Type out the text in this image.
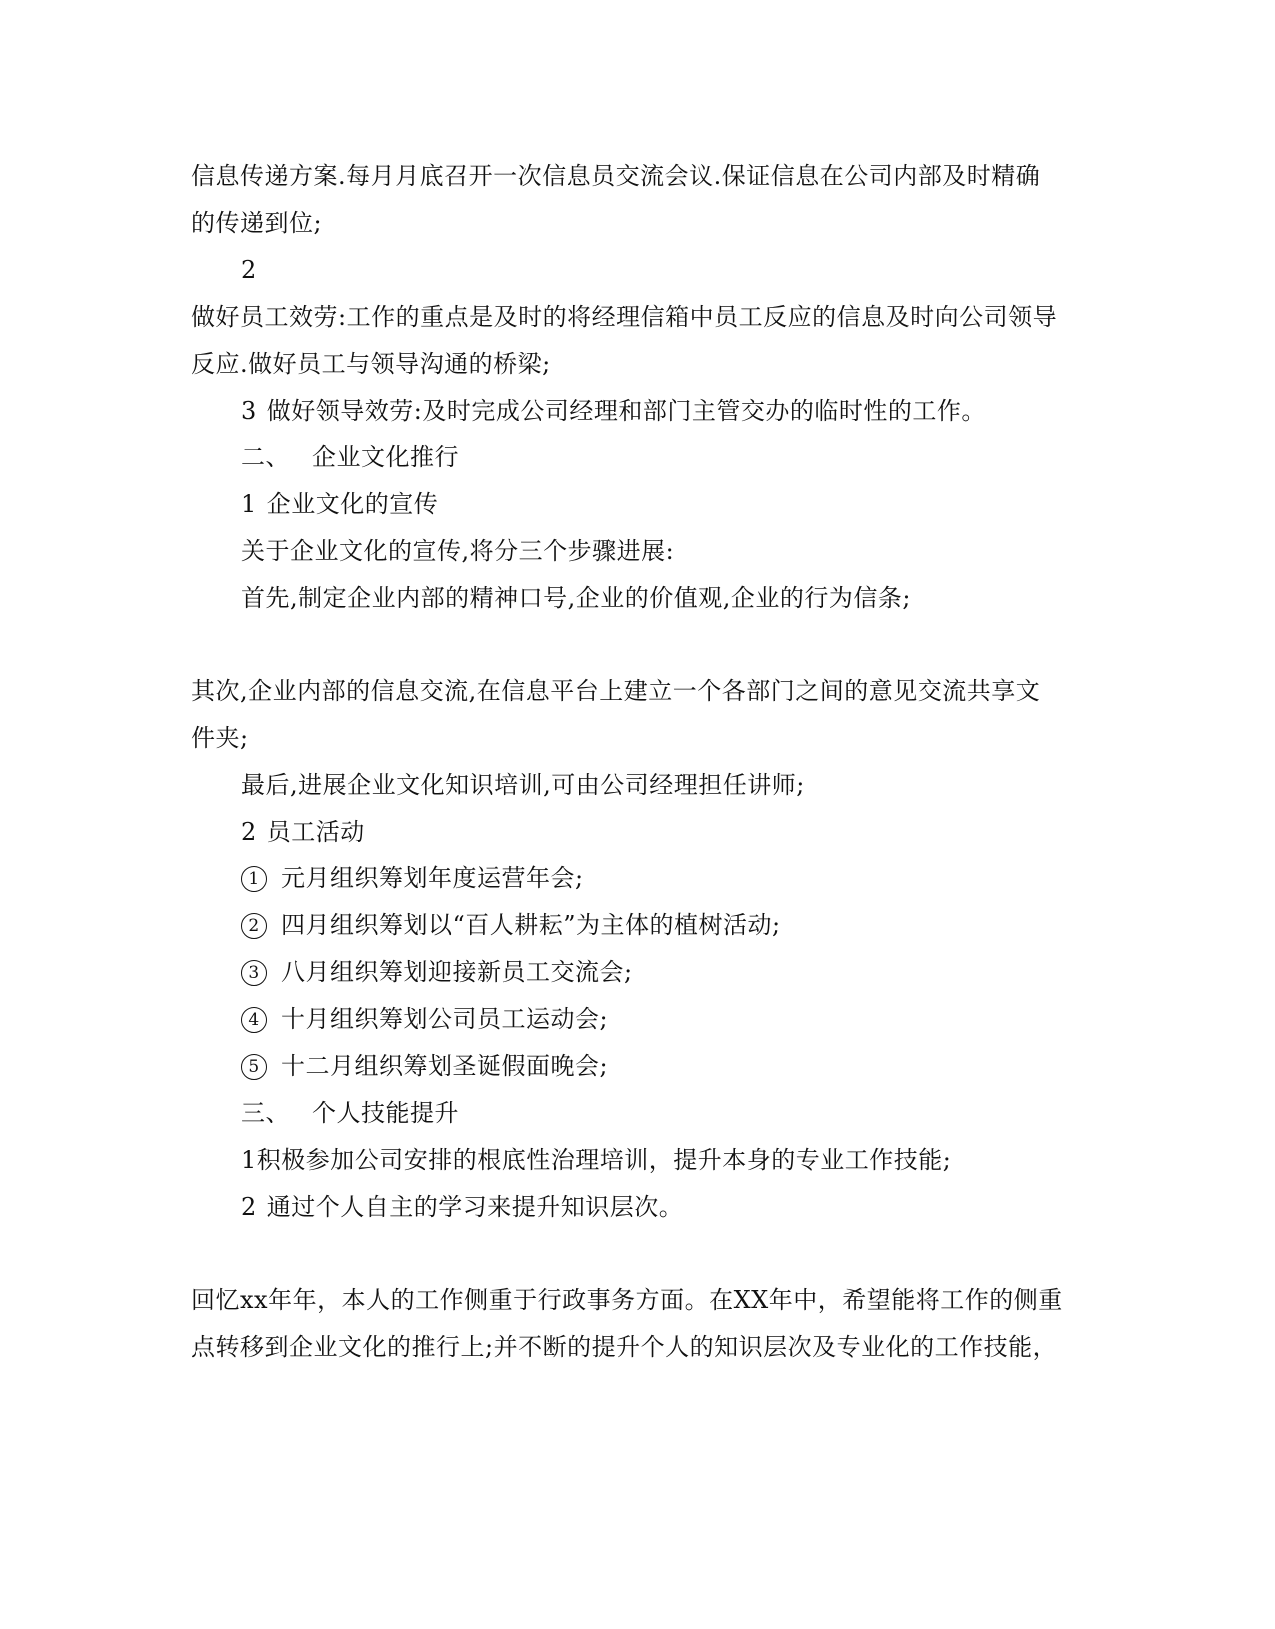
信息传递方案.每月月底召开一次信息员交流会议.保证信息在公司内部及时精确
的传递到位;
2
做好员工效劳:工作的重点是及时的将经理信箱中员工反应的信息及时向公司领导
反应.做好员工与领导沟通的桥梁;
3 做好领导效劳:及时完成公司经理和部门主管交办的临时性的工作。
二、 企业文化推行
1 企业文化的宣传
关于企业文化的宣传,将分三个步骤进展:
首先,制定企业内部的精神口号,企业的价值观,企业的行为信条;
其次,企业内部的信息交流,在信息平台上建立一个各部门之间的意见交流共享文
件夹;
最后,进展企业文化知识培训,可由公司经理担任讲师;
2 员工活动
1 元月组织筹划年度运营年会;
2 四月组织筹划以“百人耕耘”为主体的植树活动;
3 八月组织筹划迎接新员工交流会;
4 十月组织筹划公司员工运动会;
5 十二月组织筹划圣诞假面晚会;
三、 个人技能提升
1积极参加公司安排的根底性治理培训，提升本身的专业工作技能;
2 通过个人自主的学习来提升知识层次。
回忆xx年年，本人的工作侧重于行政事务方面。在XX年中，希望能将工作的侧重
点转移到企业文化的推行上;并不断的提升个人的知识层次及专业化的工作技能，
